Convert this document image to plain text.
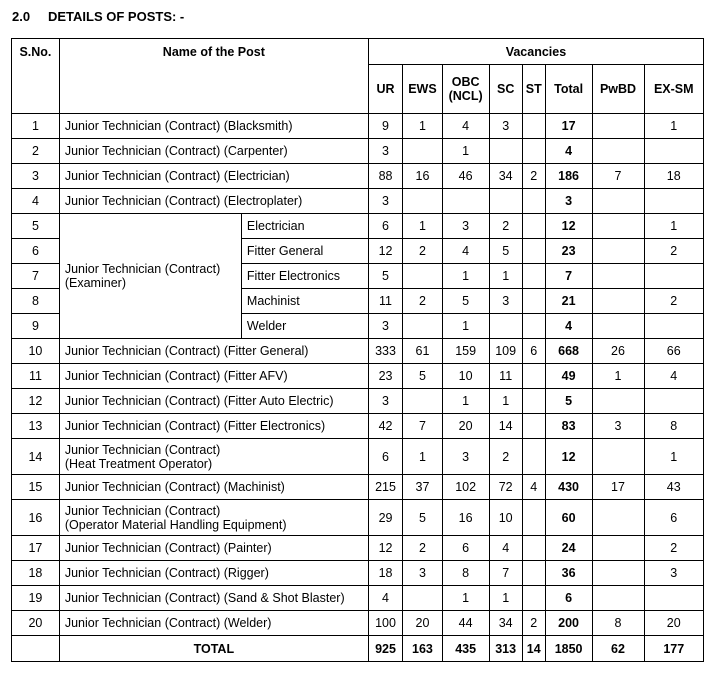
2.0 DETAILS OF POSTS: -
S.No.	Name of the Post		Vacancies							
			UR	EWS	OBC
(NCL)	SC	ST	Total	PwBD	EX-SM
1	Junior Technician (Contract) (Blacksmith)		9	1	4	3		17		1
2	Junior Technician (Contract) (Carpenter)		3		1			4		
3	Junior Technician (Contract) (Electrician)		88	16	46	34	2	186	7	18
4	Junior Technician (Contract) (Electroplater)		3					3		
5	Junior Technician (Contract)
(Examiner)	Electrician	6	1	3	2		12		1
6		Fitter General	12	2	4	5		23		2
7		Fitter Electronics	5		1	1		7		
8		Machinist	11	2	5	3		21		2
9		Welder	3		1			4		
10	Junior Technician (Contract) (Fitter General)		333	61	159	109	6	668	26	66
11	Junior Technician (Contract) (Fitter AFV)		23	5	10	11		49	1	4
12	Junior Technician (Contract) (Fitter Auto Electric)		3		1	1		5		
13	Junior Technician (Contract) (Fitter Electronics)		42	7	20	14		83	3	8
14	Junior Technician (Contract)
(Heat Treatment Operator)		6	1	3	2		12		1
15	Junior Technician (Contract) (Machinist)		215	37	102	72	4	430	17	43
16	Junior Technician (Contract)
(Operator Material Handling Equipment)		29	5	16	10		60		6
17	Junior Technician (Contract) (Painter)		12	2	6	4		24		2
18	Junior Technician (Contract) (Rigger)		18	3	8	7		36		3
19	Junior Technician (Contract) (Sand & Shot Blaster)		4		1	1		6		
20	Junior Technician (Contract) (Welder)		100	20	44	34	2	200	8	20
	TOTAL		925	163	435	313	14	1850	62	177
